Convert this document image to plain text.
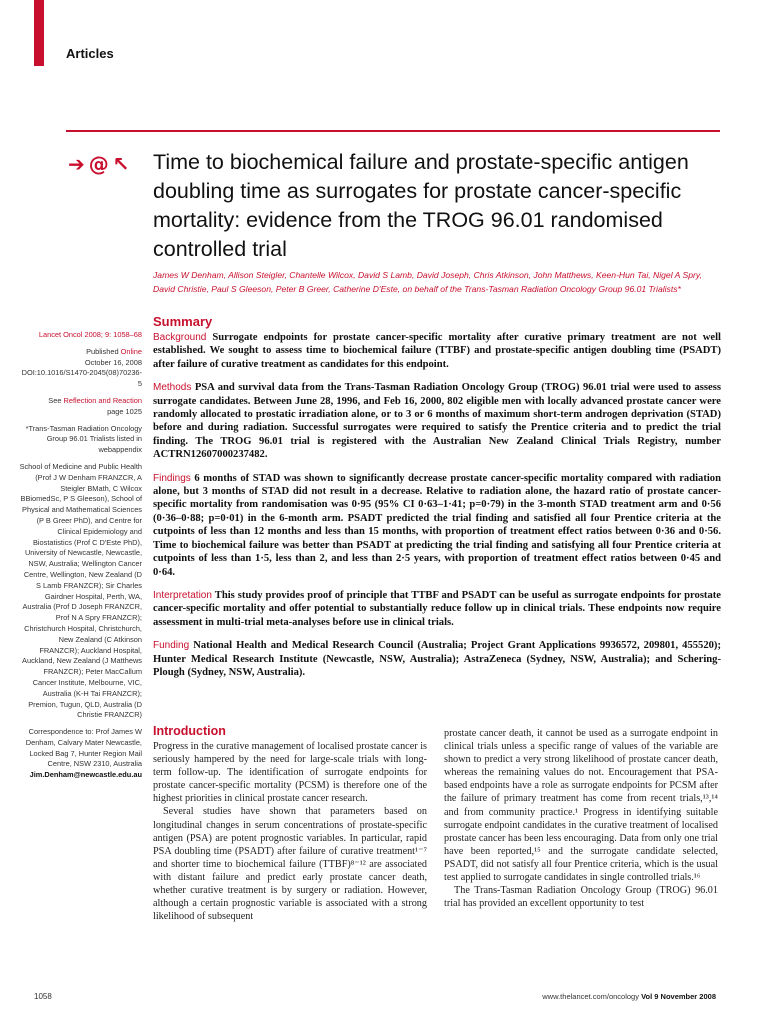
Articles
➔ @ ↖ Time to biochemical failure and prostate-specific antigen doubling time as surrogates for prostate cancer-specific mortality: evidence from the TROG 96.01 randomised controlled trial
James W Denham, Allison Steigler, Chantelle Wilcox, David S Lamb, David Joseph, Chris Atkinson, John Matthews, Keen-Hun Tai, Nigel A Spry, David Christie, Paul S Gleeson, Peter B Greer, Catherine D'Este, on behalf of the Trans-Tasman Radiation Oncology Group 96.01 Trialists*

Lancet Oncol 2008; 9: 1058–68

Published Online
October 16, 2008 DOI:10.1016/S1470-2045(08)70236-5

See Reflection and Reaction
page 1025

*Trans-Tasman Radiation Oncology Group 96.01 Trialists listed in webappendix

School of Medicine and Public Health (Prof J W Denham FRANZCR, A Steigler BMath, C Wilcox BBiomedSc, P S Gleeson), School of Physical and Mathematical Sciences (P B Greer PhD), and Centre for Clinical Epidemiology and Biostatistics (Prof C D'Este PhD), University of Newcastle, Newcastle, NSW, Australia; Wellington Cancer Centre, Wellington, New Zealand (D S Lamb FRANZCR); Sir Charles Gairdner Hospital, Perth, WA, Australia (Prof D Joseph FRANZCR, Prof N A Spry FRANZCR); Christchurch Hospital, Christchurch, New Zealand (C Atkinson FRANZCR); Auckland Hospital, Auckland, New Zealand (J Matthews FRANZCR); Peter MacCallum Cancer Institute, Melbourne, VIC, Australia (K-H Tai FRANZCR); Premion, Tugun, QLD, Australia (D Christie FRANZCR)

Correspondence to: Prof James W Denham, Calvary Mater Newcastle, Locked Bag 7, Hunter Region Mail Centre, NSW 2310, Australia
Jim.Denham@newcastle.edu.au

Summary

Background Surrogate endpoints for prostate cancer-specific mortality after curative primary treatment are not well established. We sought to assess time to biochemical failure (TTBF) and prostate-specific antigen doubling time (PSADT) after failure of curative treatment as candidates for this endpoint.

Methods PSA and survival data from the Trans-Tasman Radiation Oncology Group (TROG) 96.01 trial were used to assess surrogate candidates. Between June 28, 1996, and Feb 16, 2000, 802 eligible men with locally advanced prostate cancer were randomly allocated to prostatic irradiation alone, or to 3 or 6 months of maximum short-term androgen deprivation (STAD) before and during radiation. Successful surrogates were required to satisfy the Prentice criteria and to predict the trial finding. The TROG 96.01 trial is registered with the Australian New Zealand Clinical Trials Registry, number ACTRN12607000237482.

Findings 6 months of STAD was shown to significantly decrease prostate cancer-specific mortality compared with radiation alone, but 3 months of STAD did not result in a decrease. Relative to radiation alone, the hazard ratio of prostate cancer-specific mortality from randomisation was 0·95 (95% CI 0·63–1·41; p=0·79) in the 3-month STAD treatment arm and 0·56 (0·36–0·88; p=0·01) in the 6-month arm. PSADT predicted the trial finding and satisfied all four Prentice criteria at the cutpoints of less than 12 months and less than 15 months, with proportion of treatment effect ratios between 0·36 and 0·56. Time to biochemical failure was better than PSADT at predicting the trial finding and satisfying all four Prentice criteria at cutpoints of less than 1·5, less than 2, and less than 2·5 years, with proportion of treatment effect ratios between 0·45 and 0·64.

Interpretation This study provides proof of principle that TTBF and PSADT can be useful as surrogate endpoints for prostate cancer-specific mortality and offer potential to substantially reduce follow up in clinical trials. These endpoints now require assessment in multi-trial meta-analyses before use in clinical trials.

Funding National Health and Medical Research Council (Australia; Project Grant Applications 9936572, 209801, 455520); Hunter Medical Research Institute (Newcastle, NSW, Australia); AstraZeneca (Sydney, NSW, Australia); and Schering-Plough (Sydney, NSW, Australia).

Introduction

Progress in the curative management of localised prostate cancer is seriously hampered by the need for large-scale trials with long-term follow-up. The identification of surrogate endpoints for prostate cancer-specific mortality (PCSM) is therefore one of the highest priorities in clinical prostate cancer research.

Several studies have shown that parameters based on longitudinal changes in serum concentrations of prostate-specific antigen (PSA) are potent prognostic variables. In particular, rapid PSA doubling time (PSADT) after failure of curative treatment¹⁻⁷ and shorter time to biochemical failure (TTBF)⁸⁻¹² are associated with distant failure and predict early prostate cancer death, whether curative treatment is by surgery or radiation. However, although a certain prognostic variable is associated with a strong likelihood of subsequent

prostate cancer death, it cannot be used as a surrogate endpoint in clinical trials unless a specific range of values of the variable are shown to predict a very strong likelihood of prostate cancer death, whereas the remaining values do not. Encouragement that PSA-based endpoints have a role as surrogate endpoints for PCSM after the failure of primary treatment has come from recent trials,¹³,¹⁴ and from community practice.¹ Progress in identifying suitable surrogate endpoint candidates in the curative treatment of localised prostate cancer has been less encouraging. Data from only one trial have been reported,¹⁵ and the surrogate candidate selected, PSADT, did not satisfy all four Prentice criteria, which is the usual test applied to surrogate candidates in single controlled trials.¹⁶

The Trans-Tasman Radiation Oncology Group (TROG) 96.01 trial has provided an excellent opportunity to test

1058	www.thelancet.com/oncology Vol 9 November 2008
